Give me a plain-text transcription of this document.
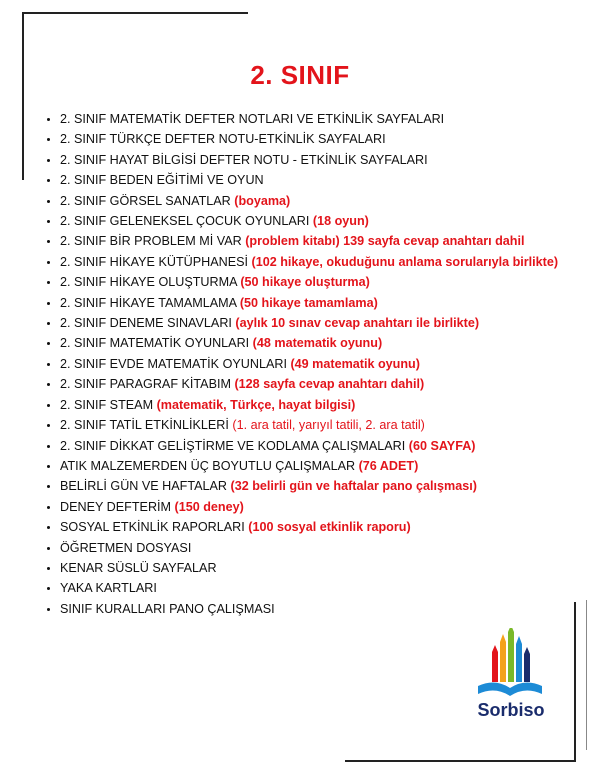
2. SINIF
• 2. SINIF MATEMATİK DEFTER NOTLARI VE ETKİNLİK SAYFALARI
• 2. SINIF TÜRKÇE DEFTER NOTU-ETKİNLİK SAYFALARI
• 2. SINIF HAYAT BİLGİSİ DEFTER NOTU - ETKİNLİK SAYFALARI
• 2. SINIF BEDEN EĞİTİMİ VE OYUN
• 2. SINIF GÖRSEL SANATLAR (boyama)
• 2. SINIF GELENEKSEL ÇOCUK OYUNLARI (18 oyun)
• 2. SINIF BİR PROBLEM Mİ VAR (problem kitabı) 139 sayfa cevap anahtarı dahil
• 2. SINIF HİKAYE KÜTÜPHANESİ (102 hikaye, okuduğunu anlama sorularıyla birlikte)
• 2. SINIF HİKAYE OLUŞTURMA (50 hikaye oluşturma)
• 2. SINIF HİKAYE TAMAMLAMA (50 hikaye tamamlama)
• 2. SINIF DENEME SINAVLARI (aylık 10 sınav cevap anahtarı ile birlikte)
• 2. SINIF MATEMATİK OYUNLARI (48 matematik oyunu)
• 2. SINIF EVDE MATEMATİK OYUNLARI (49 matematik oyunu)
• 2. SINIF PARAGRAF KİTABIM (128 sayfa cevap anahtarı dahil)
• 2. SINIF STEAM (matematik, Türkçe, hayat bilgisi)
• 2. SINIF TATİL ETKİNLİKLERİ (1. ara tatil, yarıyıl tatili, 2. ara tatil)
• 2. SINIF DİKKAT GELİŞTİRME VE KODLAMA ÇALIŞMALARI (60 SAYFA)
• ATIK MALZEMERDEN ÜÇ BOYUTLU ÇALIŞMALAR (76 ADET)
• BELİRLİ GÜN VE HAFTALAR (32 belirli gün ve haftalar pano çalışması)
• DENEY DEFTERİM (150 deney)
• SOSYAL ETKİNLİK RAPORLARI (100 sosyal etkinlik raporu)
• ÖĞRETMEN DOSYASI
• KENAR SÜSLÜ SAYFALAR
• YAKA KARTLARI
• SINIF KURALLARI PANO ÇALIŞMASI
Sorbiso
